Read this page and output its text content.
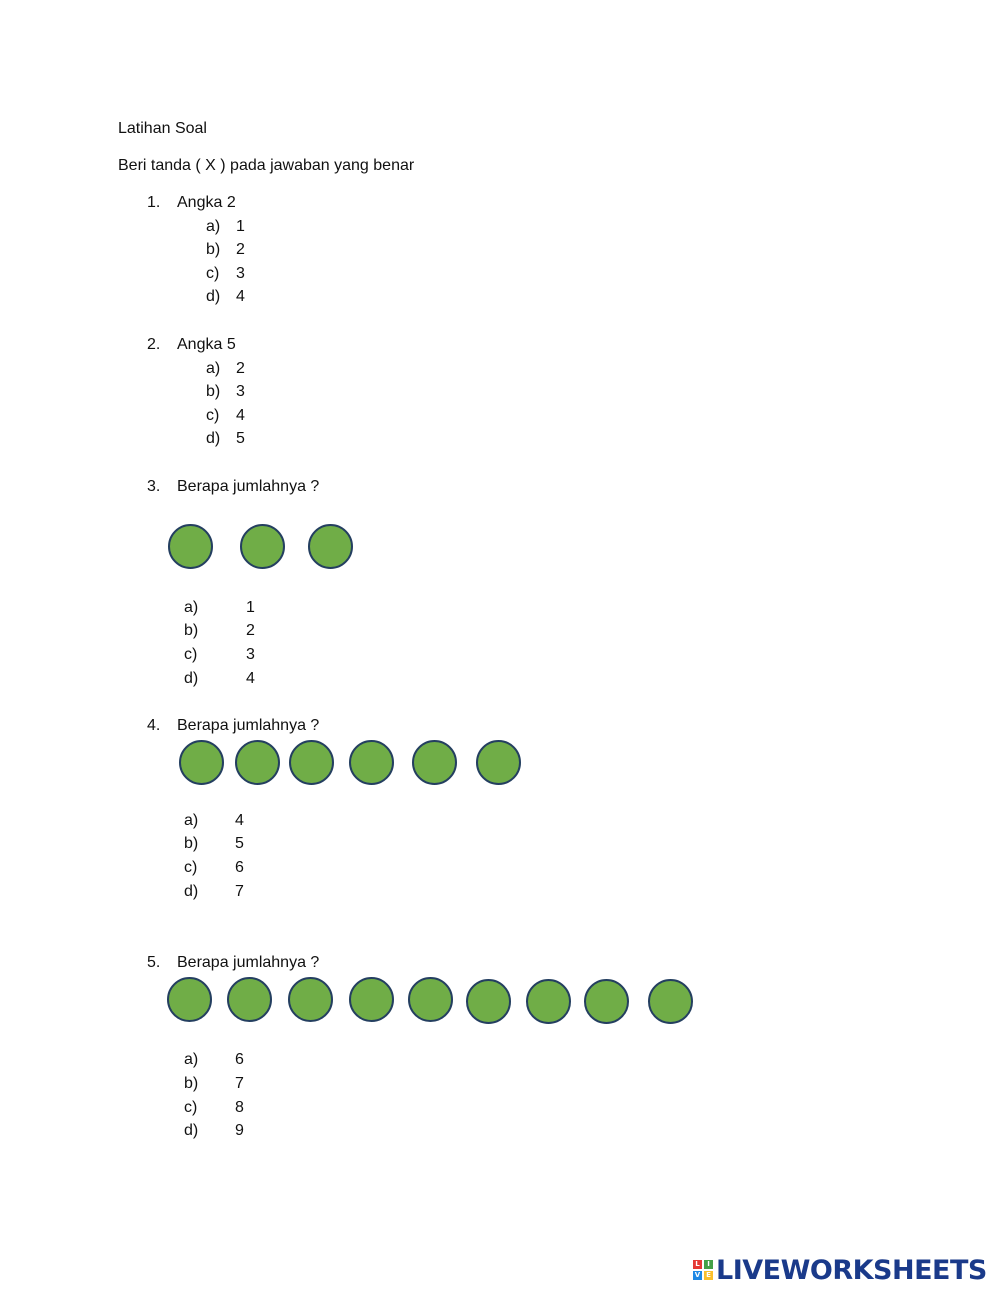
Latihan Soal
Beri tanda ( X ) pada jawaban yang benar
1. Angka 2
a) 1
b) 2
c) 3
d) 4
2. Angka 5
a) 2
b) 3
c) 4
d) 5
3. Berapa jumlahnya ?
a)	1
b)	2
c)	3
d)	4
4. Berapa jumlahnya ?
a) 4
b) 5
c) 6
d) 7
5. Berapa jumlahnya ?
a) 6
b) 7
c) 8
d) 9
L	I
V E LIVEWORKSHEETS
